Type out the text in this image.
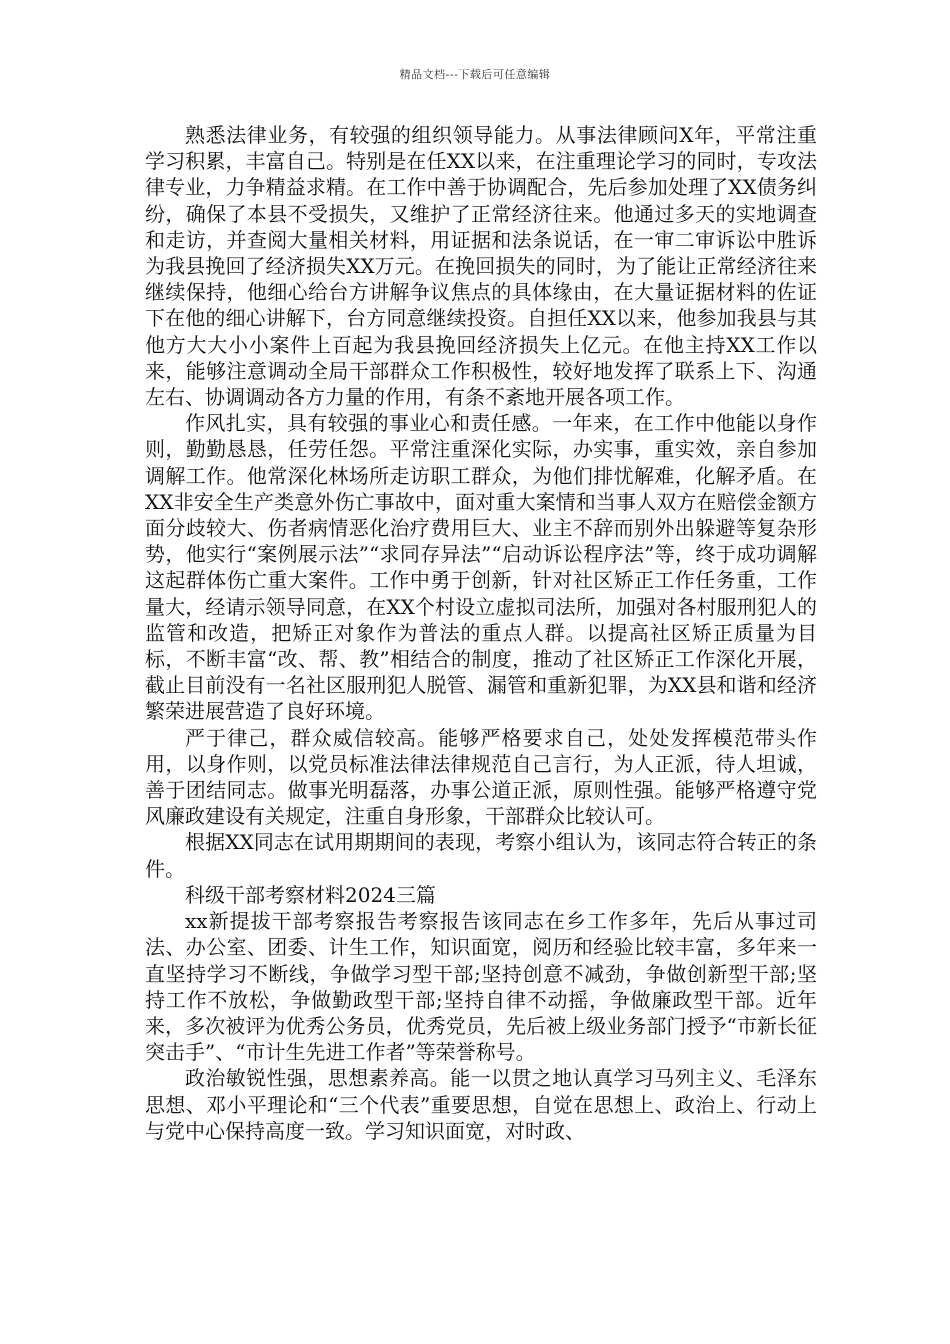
精品文档---下载后可任意编辑

熟悉法律业务，有较强的组织领导能力。从事法律顾问X年，平常注重学习积累，丰富自己。特别是在任XX以来，在注重理论学习的同时，专攻法律专业，力争精益求精。在工作中善于协调配合，先后参加处理了XX债务纠纷，确保了本县不受损失，又维护了正常经济往来。他通过多天的实地调查和走访，并查阅大量相关材料，用证据和法条说话，在一审二审诉讼中胜诉为我县挽回了经济损失XX万元。在挽回损失的同时，为了能让正常经济往来继续保持，他细心给台方讲解争议焦点的具体缘由，在大量证据材料的佐证下在他的细心讲解下，台方同意继续投资。自担任XX以来，他参加我县与其他方大大小小案件上百起为我县挽回经济损失上亿元。在他主持XX工作以来，能够注意调动全局干部群众工作积极性，较好地发挥了联系上下、沟通左右、协调调动各方力量的作用，有条不紊地开展各项工作。

作风扎实，具有较强的事业心和责任感。一年来，在工作中他能以身作则，勤勤恳恳，任劳任怨。平常注重深化实际，办实事，重实效，亲自参加调解工作。他常深化林场所走访职工群众，为他们排忧解难，化解矛盾。在XX非安全生产类意外伤亡事故中，面对重大案情和当事人双方在赔偿金额方面分歧较大、伤者病情恶化治疗费用巨大、业主不辞而别外出躲避等复杂形势，他实行“案例展示法”“求同存异法”“启动诉讼程序法”等，终于成功调解这起群体伤亡重大案件。工作中勇于创新，针对社区矫正工作任务重，工作量大，经请示领导同意，在XX个村设立虚拟司法所，加强对各村服刑犯人的监管和改造，把矫正对象作为普法的重点人群。以提高社区矫正质量为目标，不断丰富“改、帮、教”相结合的制度，推动了社区矫正工作深化开展，截止目前没有一名社区服刑犯人脱管、漏管和重新犯罪，为XX县和谐和经济繁荣进展营造了良好环境。

严于律己，群众威信较高。能够严格要求自己，处处发挥模范带头作用，以身作则，以党员标准法律法律规范自己言行，为人正派，待人坦诚，善于团结同志。做事光明磊落，办事公道正派，原则性强。能够严格遵守党风廉政建设有关规定，注重自身形象，干部群众比较认可。

根据XX同志在试用期期间的表现，考察小组认为，该同志符合转正的条件。

科级干部考察材料2024三篇

xx新提拔干部考察报告考察报告该同志在乡工作多年，先后从事过司法、办公室、团委、计生工作，知识面宽，阅历和经验比较丰富，多年来一直坚持学习不断线，争做学习型干部;坚持创意不减劲，争做创新型干部;坚持工作不放松，争做勤政型干部;坚持自律不动摇，争做廉政型干部。近年来，多次被评为优秀公务员，优秀党员，先后被上级业务部门授予“市新长征突击手”、“市计生先进工作者”等荣誉称号。

政治敏锐性强，思想素养高。能一以贯之地认真学习马列主义、毛泽东思想、邓小平理论和“三个代表”重要思想，自觉在思想上、政治上、行动上与党中心保持高度一致。学习知识面宽，对时政、
